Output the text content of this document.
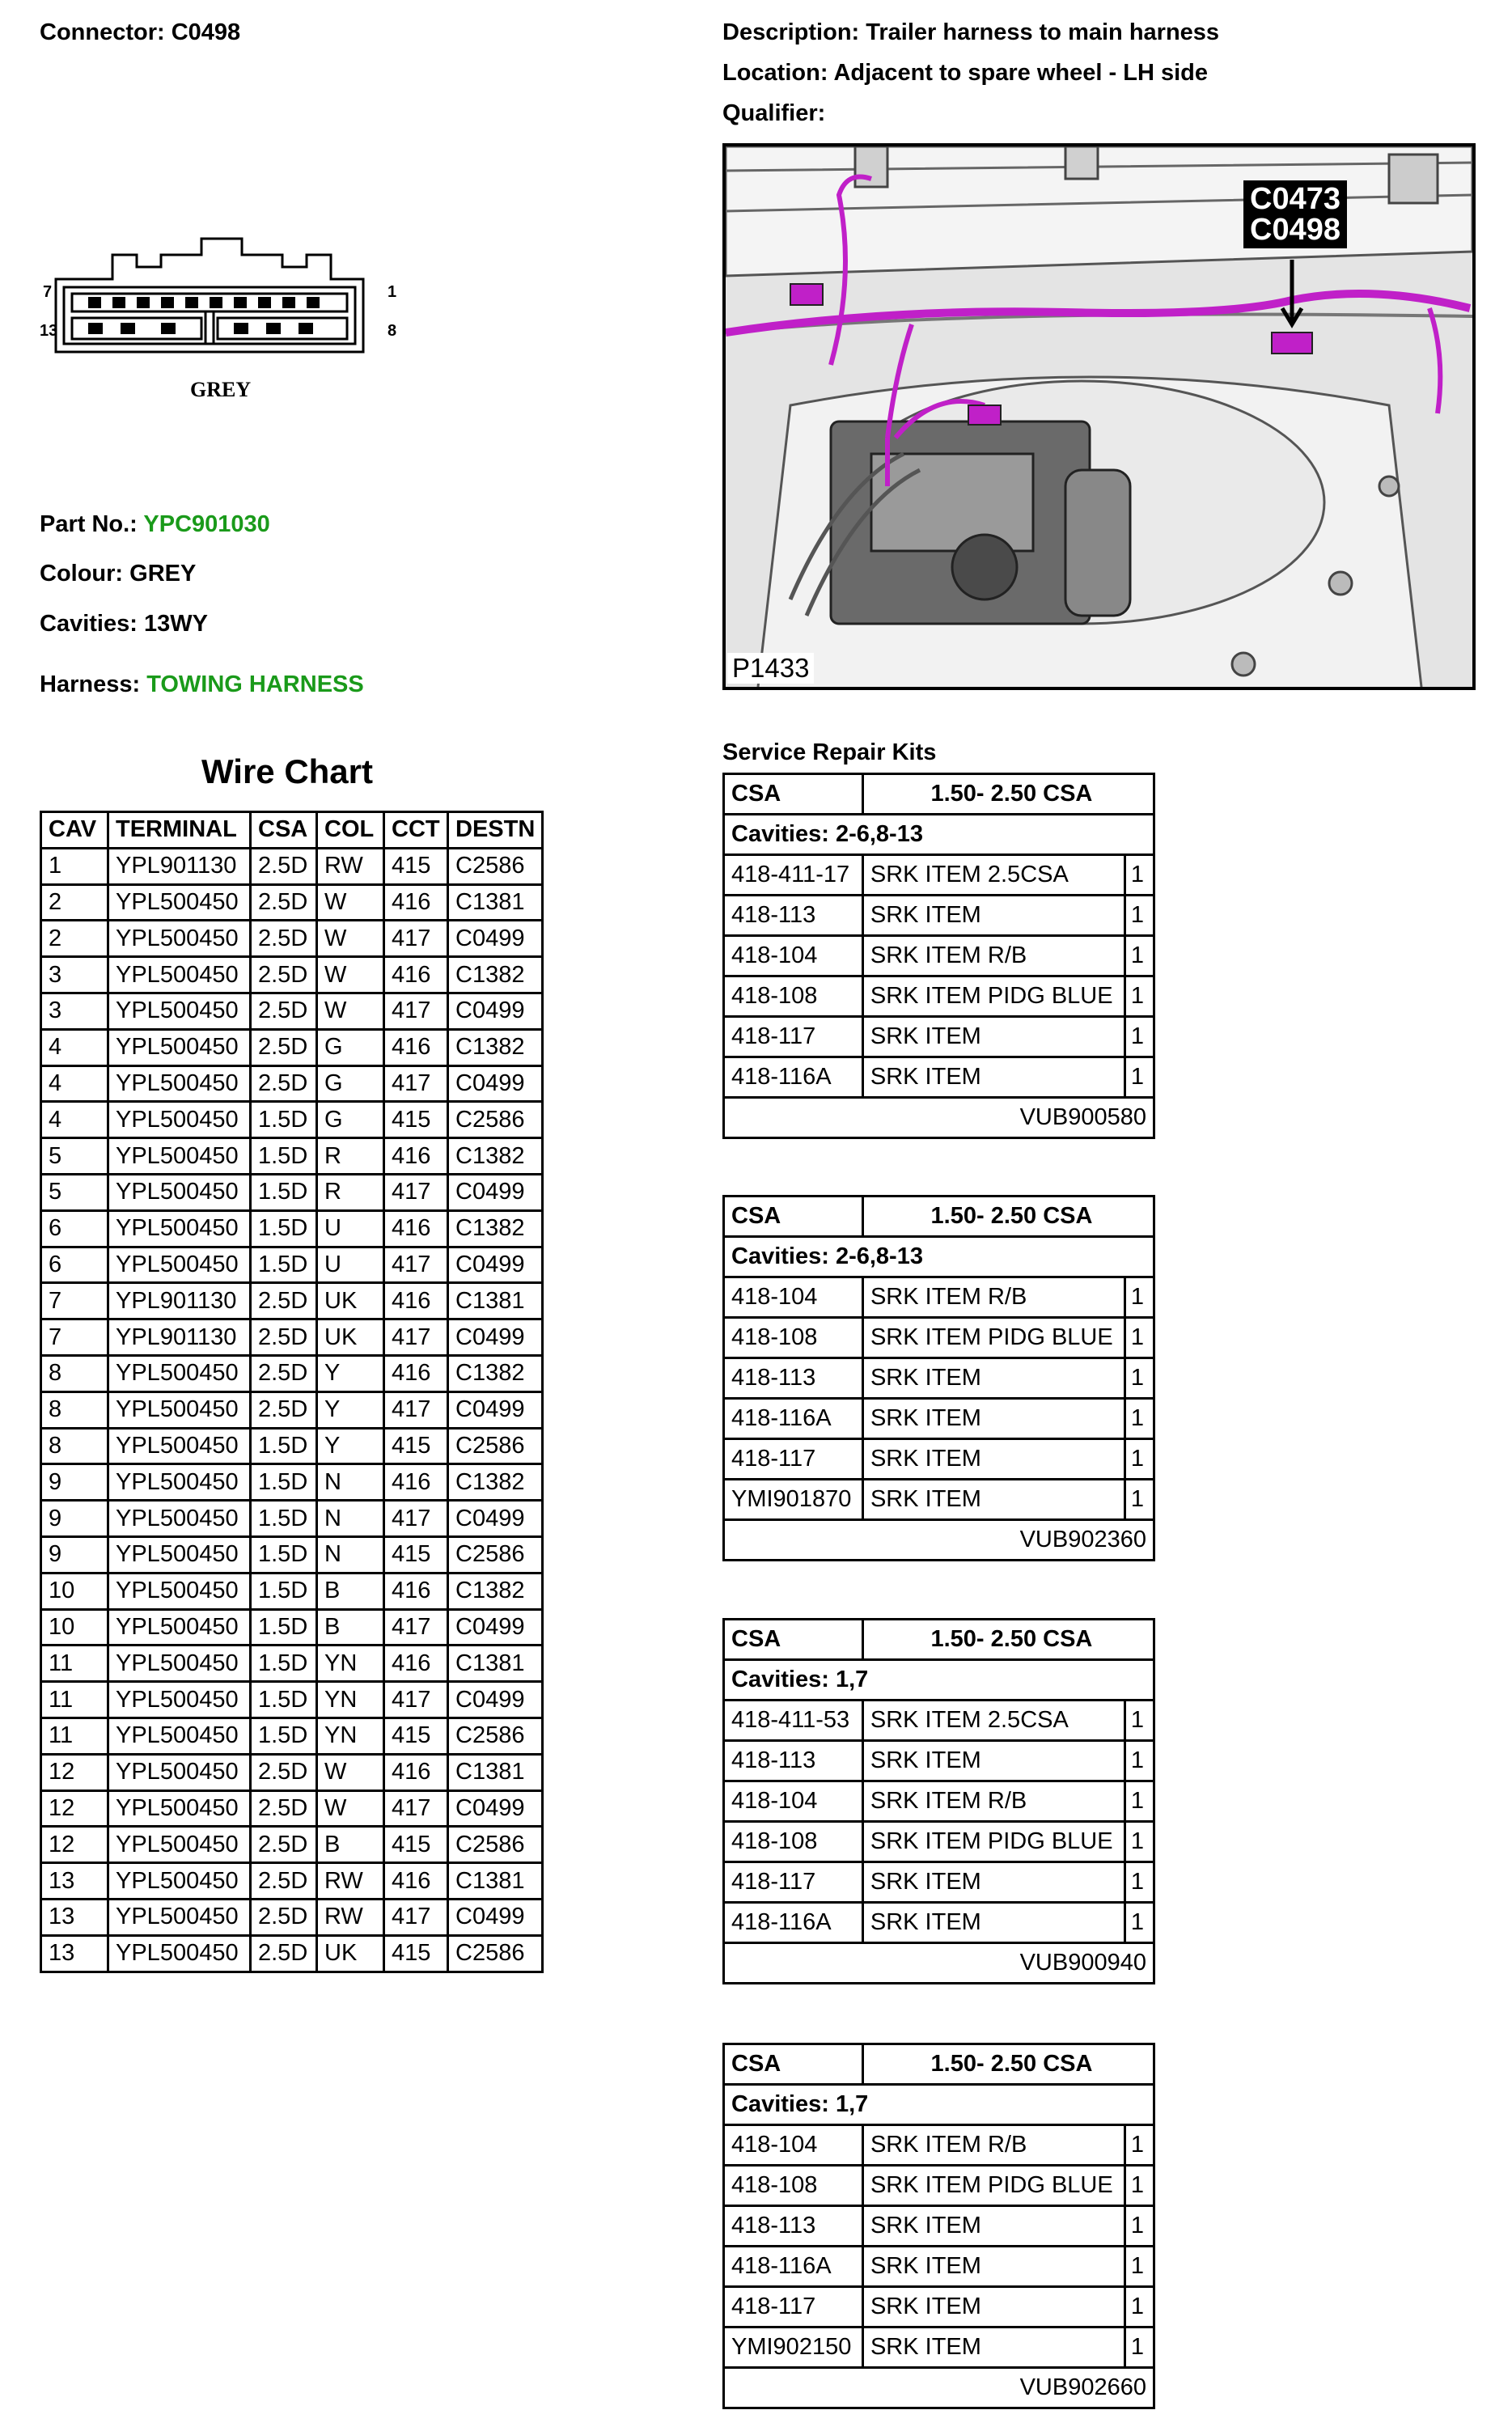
Connector: C0498	Description: Trailer harness to main harness
Location: Adjacent to spare wheel - LH side
Qualifier:
7	1
13	8
GREY
Part No.: YPC901030
Colour: GREY
Cavities: 13WY
Harness: TOWING HARNESS
C0473
C0498
P1433
Wire Chart
CAV	TERMINAL	CSA	COL	CCT	DESTN
1	YPL901130	2.5D	RW	415	C2586
2	YPL500450	2.5D	W	416	C1381
2	YPL500450	2.5D	W	417	C0499
3	YPL500450	2.5D	W	416	C1382
3	YPL500450	2.5D	W	417	C0499
4	YPL500450	2.5D	G	416	C1382
4	YPL500450	2.5D	G	417	C0499
4	YPL500450	1.5D	G	415	C2586
5	YPL500450	1.5D	R	416	C1382
5	YPL500450	1.5D	R	417	C0499
6	YPL500450	1.5D	U	416	C1382
6	YPL500450	1.5D	U	417	C0499
7	YPL901130	2.5D	UK	416	C1381
7	YPL901130	2.5D	UK	417	C0499
8	YPL500450	2.5D	Y	416	C1382
8	YPL500450	2.5D	Y	417	C0499
8	YPL500450	1.5D	Y	415	C2586
9	YPL500450	1.5D	N	416	C1382
9	YPL500450	1.5D	N	417	C0499
9	YPL500450	1.5D	N	415	C2586
10	YPL500450	1.5D	B	416	C1382
10	YPL500450	1.5D	B	417	C0499
11	YPL500450	1.5D	YN	416	C1381
11	YPL500450	1.5D	YN	417	C0499
11	YPL500450	1.5D	YN	415	C2586
12	YPL500450	2.5D	W	416	C1381
12	YPL500450	2.5D	W	417	C0499
12	YPL500450	2.5D	B	415	C2586
13	YPL500450	2.5D	RW	416	C1381
13	YPL500450	2.5D	RW	417	C0499
13	YPL500450	2.5D	UK	415	C2586
Service Repair Kits
CSA	1.50- 2.50 CSA	
Cavities: 2-6,8-13		
418-411-17	SRK ITEM 2.5CSA	1
418-113	SRK ITEM	1
418-104	SRK ITEM R/B	1
418-108	SRK ITEM PIDG BLUE	1
418-117	SRK ITEM	1
418-116A	SRK ITEM	1
VUB900580		
CSA	1.50- 2.50 CSA	
Cavities: 2-6,8-13		
418-104	SRK ITEM R/B	1
418-108	SRK ITEM PIDG BLUE	1
418-113	SRK ITEM	1
418-116A	SRK ITEM	1
418-117	SRK ITEM	1
YMI901870	SRK ITEM	1
VUB902360		
CSA	1.50- 2.50 CSA	
Cavities: 1,7		
418-411-53	SRK ITEM 2.5CSA	1
418-113	SRK ITEM	1
418-104	SRK ITEM R/B	1
418-108	SRK ITEM PIDG BLUE	1
418-117	SRK ITEM	1
418-116A	SRK ITEM	1
VUB900940		
CSA	1.50- 2.50 CSA	
Cavities: 1,7		
418-104	SRK ITEM R/B	1
418-108	SRK ITEM PIDG BLUE	1
418-113	SRK ITEM	1
418-116A	SRK ITEM	1
418-117	SRK ITEM	1
YMI902150	SRK ITEM	1
VUB902660		
